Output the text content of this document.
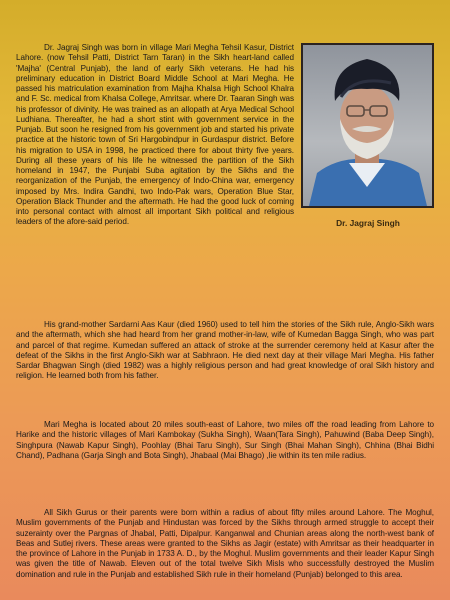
Dr. Jagraj Singh was born in village Mari Megha Tehsil Kasur, District Lahore. (now Tehsil Patti, District Tarn Taran) in the Sikh heart-land called 'Majha' (Central Punjab), the land of early Sikh veterans. He had his preliminary education in District Board Middle School at Mari Megha. He passed his matriculation examination from Majha Khalsa High School Khalra and F. Sc. medical from Khalsa College, Amritsar. where Dr. Taaran Singh was his professor of divinity. He was trained as an allopath at Arya Medical School Ludhiana. Thereafter, he had a short stint with government service in the Punjab. But soon he resigned from his government job and started his private practice at the historic town of Sri Hargobindpur in Gurdaspur district. Before his migration to USA in 1998, he practiced there for about thirty five years. During all these years of his life he witnessed the partition of the Sikh homeland in 1947, the Punjabi Suba agitation by the Sikhs and the reorganization of the Punjab, the emergency of Indo-China war, emergency imposed by Mrs. Indira Gandhi, two Indo-Pak wars, Operation Blue Star, Operation Black Thunder and the aftermath. He had the good luck of coming into personal contact with almost all important Sikh political and religious leaders of the afore-said period.	Dr. Jagraj Singh

His grand-mother Sardarni Aas Kaur (died 1960) used to tell him the stories of the Sikh rule, Anglo-Sikh wars and the aftermath, which she had heard from her grand mother-in-law, wife of Kumedan Bagga Singh, who was part and parcel of that regime. Kumedan suffered an attack of stroke at the surrender ceremony held at Kasur after the defeat of the Sikhs in the first Anglo-Sikh war at Sabhraon. He died next day at their village Mari Megha. His father Sardar Bhagwan Singh (died 1982) was a highly religious person and had great knowledge of oral Sikh history and religion. He learned both from his father.

Mari Megha is located about 20 miles south-east of Lahore, two miles off the road leading from Lahore to Harike and the historic villages of Mari Kambokay (Sukha Singh), Waan(Tara Singh), Pahuwind (Baba Deep Singh), Singhpura (Nawab Kapur Singh), Poohlay (Bhai Taru Singh), Sur Singh (Bhai Mahan Singh), Chhina (Bhai Bidhi Chand), Padhana (Garja Singh and Bota Singh), Jhabaal (Mai Bhago) ,lie within its ten mile radius.

All Sikh Gurus or their parents were born within a radius of about fifty miles around Lahore. The Moghul, Muslim governments of the Punjab and Hindustan was forced by the Sikhs through armed struggle to accept their suzerainty over the Pargnas of Jhabal, Patti, Dipalpur. Kanganwal and Chunian areas along the north-west bank of Beas and Sutlej rivers. These areas were granted to the Sikhs as Jagir (estate) with Amritsar as their headquarter in the province of Lahore in the Punjab in 1733 A. D., by the Moghul. Muslim governments and their leader Kapur Singh was given the title of Nawab. Eleven out of the total twelve Sikh Misls who successfully destroyed the Muslim domination and rule in the Punjab and established Sikh rule in their homeland (Punjab) belonged to this area.
